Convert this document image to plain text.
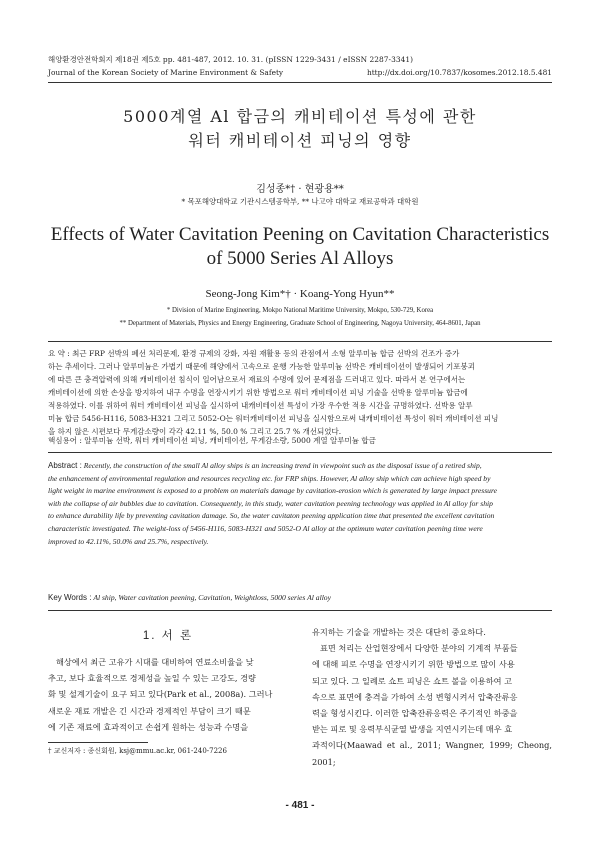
해양환경안전학회지 제18권 제5호 pp. 481-487, 2012. 10. 31. (pISSN 1229-3431 / eISSN 2287-3341)
Journal of the Korean Society of Marine Environment & Safety	http://dx.doi.org/10.7837/kosomes.2012.18.5.481
5000계열 Al 합금의 캐비테이션 특성에 관한
워터 캐비테이션 피닝의 영향
김성종*† · 현광용**
* 목포해양대학교 기관시스템공학부, ** 나고야 대학교 재료공학과 대학원
Effects of Water Cavitation Peening on Cavitation Characteristics
of 5000 Series Al Alloys
Seong-Jong Kim*† · Koang-Yong Hyun**
* Division of Marine Engineering, Mokpo National Maritime University, Mokpo, 530-729, Korea
** Department of Materials, Physics and Energy Engineering, Graduate School of Engineering, Nagoya University, 464-8601, Japan
요 약 : 최근 FRP 선박의 폐선 처리문제, 환경 규제의 강화, 자원 재활용 등의 관점에서 소형 알루미늄 합금 선박의 건조가 증가
하는 추세이다. 그러나 알루미늄은 가볍기 때문에 해양에서 고속으로 운행 가능한 알루미늄 선박은 캐비테이션이 발생되어 기포붕괴
에 따른 큰 충격압력에 의해 캐비테이션 침식이 일어남으로서 재료의 수명에 있어 문제점을 드러내고 있다. 따라서 본 연구에서는
캐비테이션에 의한 손상을 방지하여 내구 수명을 연장시키기 위한 방법으로 워터 캐비테이션 피닝 기술을 선박용 알루미늄 합금에
적용하였다. 이를 위하여 워터 캐비테이션 피닝을 실시하여 내캐비테이션 특성이 가장 우수한 적용 시간을 규명하였다. 선박용 알루
미늄 합금 5456-H116, 5083-H321 그리고 5052-O는 워터캐비테이션 피닝을 실시함으로써 내캐비테이션 특성이 워터 캐비테이션 피닝
을 하지 않은 시편보다 무게감소량이 각각 42.11 %, 50.0 % 그리고 25.7 % 개선되었다.
핵심용어 : 알루미늄 선박, 워터 캐비테이션 피닝, 캐비테이션, 무게감소량, 5000 계열 알루미늄 합금
Abstract : Recently, the construction of the small Al alloy ships is an increasing trend in viewpoint such as the disposal issue of a retired ship,
the enhancement of environmental regulation and resources recycling etc. for FRP ships. However, Al alloy ship which can achieve high speed by
light weight in marine environment is exposed to a problem on materials damage by cavitation-erosion which is generated by large impact pressure
with the collapse of air bubbles due to cavitation. Consequently, in this study, water cavitation peening technology was applied in Al alloy for ship
to enhance durability life by preventing cavitation damage. So, the water cavitaton peening application time that presented the excellent cavitation
characteristic investigated. The weight-loss of 5456-H116, 5083-H321 and 5052-O Al alloy at the optimum water cavitation peening time were
improved to 42.11%, 50.0% and 25.7%, respectively.
Key Words : Al ship, Water cavitation peening, Cavitation, Weightloss, 5000 series Al alloy
1. 서 론
해상에서 최근 고유가 시대를 대비하여 연료소비율을 낮
추고, 보다 효율적으로 경제성을 높일 수 있는 고강도, 경량
화 및 설계기술이 요구 되고 있다(Park et al., 2008a). 그러나
새로운 재료 개발은 긴 시간과 경제적인 부담이 크기 때문
에 기존 재료에 효과적이고 손쉽게 원하는 성능과 수명을
† 교신저자 : 종신회원, ksj@mmu.ac.kr, 061-240-7226
유지하는 기술을 개발하는 것은 대단히 중요하다.
표면 처리는 산업현장에서 다양한 분야의 기계적 부품들
에 대해 피로 수명을 연장시키기 위한 방법으로 많이 사용
되고 있다. 그 일례로 쇼트 피닝은 쇼트 볼을 이용하여 고
속으로 표면에 충격을 가하여 소성 변형시켜서 압축잔류응
력을 형성시킨다. 이러한 압축잔류응력은 주기적인 하중을
받는 피로 및 응력부식균열 발생을 지연시키는데 매우 효
과적이다(Maawad et al., 2011; Wangner, 1999; Cheong, 2001;
- 481 -
